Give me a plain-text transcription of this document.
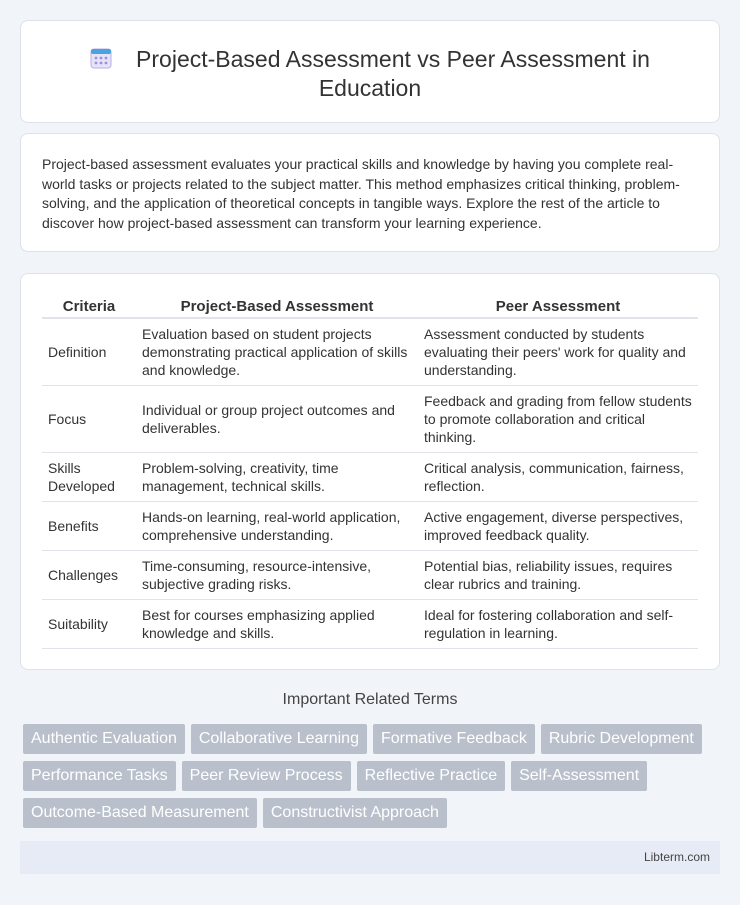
Project-Based Assessment vs Peer Assessment in
Education

Project-based assessment evaluates your practical skills and knowledge by having you complete real-world tasks or projects related to the subject matter. This method emphasizes critical thinking, problem-solving, and the application of theoretical concepts in tangible ways. Explore the rest of the article to discover how project-based assessment can transform your learning experience.

Criteria	Project-Based Assessment	Peer Assessment
Definition	Evaluation based on student projects demonstrating practical application of skills and knowledge.	Assessment conducted by students evaluating their peers' work for quality and understanding.
Focus	Individual or group project outcomes and deliverables.	Feedback and grading from fellow students to promote collaboration and critical thinking.
Skills Developed	Problem-solving, creativity, time management, technical skills.	Critical analysis, communication, fairness, reflection.
Benefits	Hands-on learning, real-world application, comprehensive understanding.	Active engagement, diverse perspectives, improved feedback quality.
Challenges	Time-consuming, resource-intensive, subjective grading risks.	Potential bias, reliability issues, requires clear rubrics and training.
Suitability	Best for courses emphasizing applied knowledge and skills.	Ideal for fostering collaboration and self-regulation in learning.
Important Related Terms
Authentic Evaluation	Collaborative Learning	Formative Feedback	Rubric Development
Performance Tasks	Peer Review Process	Reflective Practice	Self-Assessment
Outcome-Based Measurement	Constructivist Approach
Libterm.com
